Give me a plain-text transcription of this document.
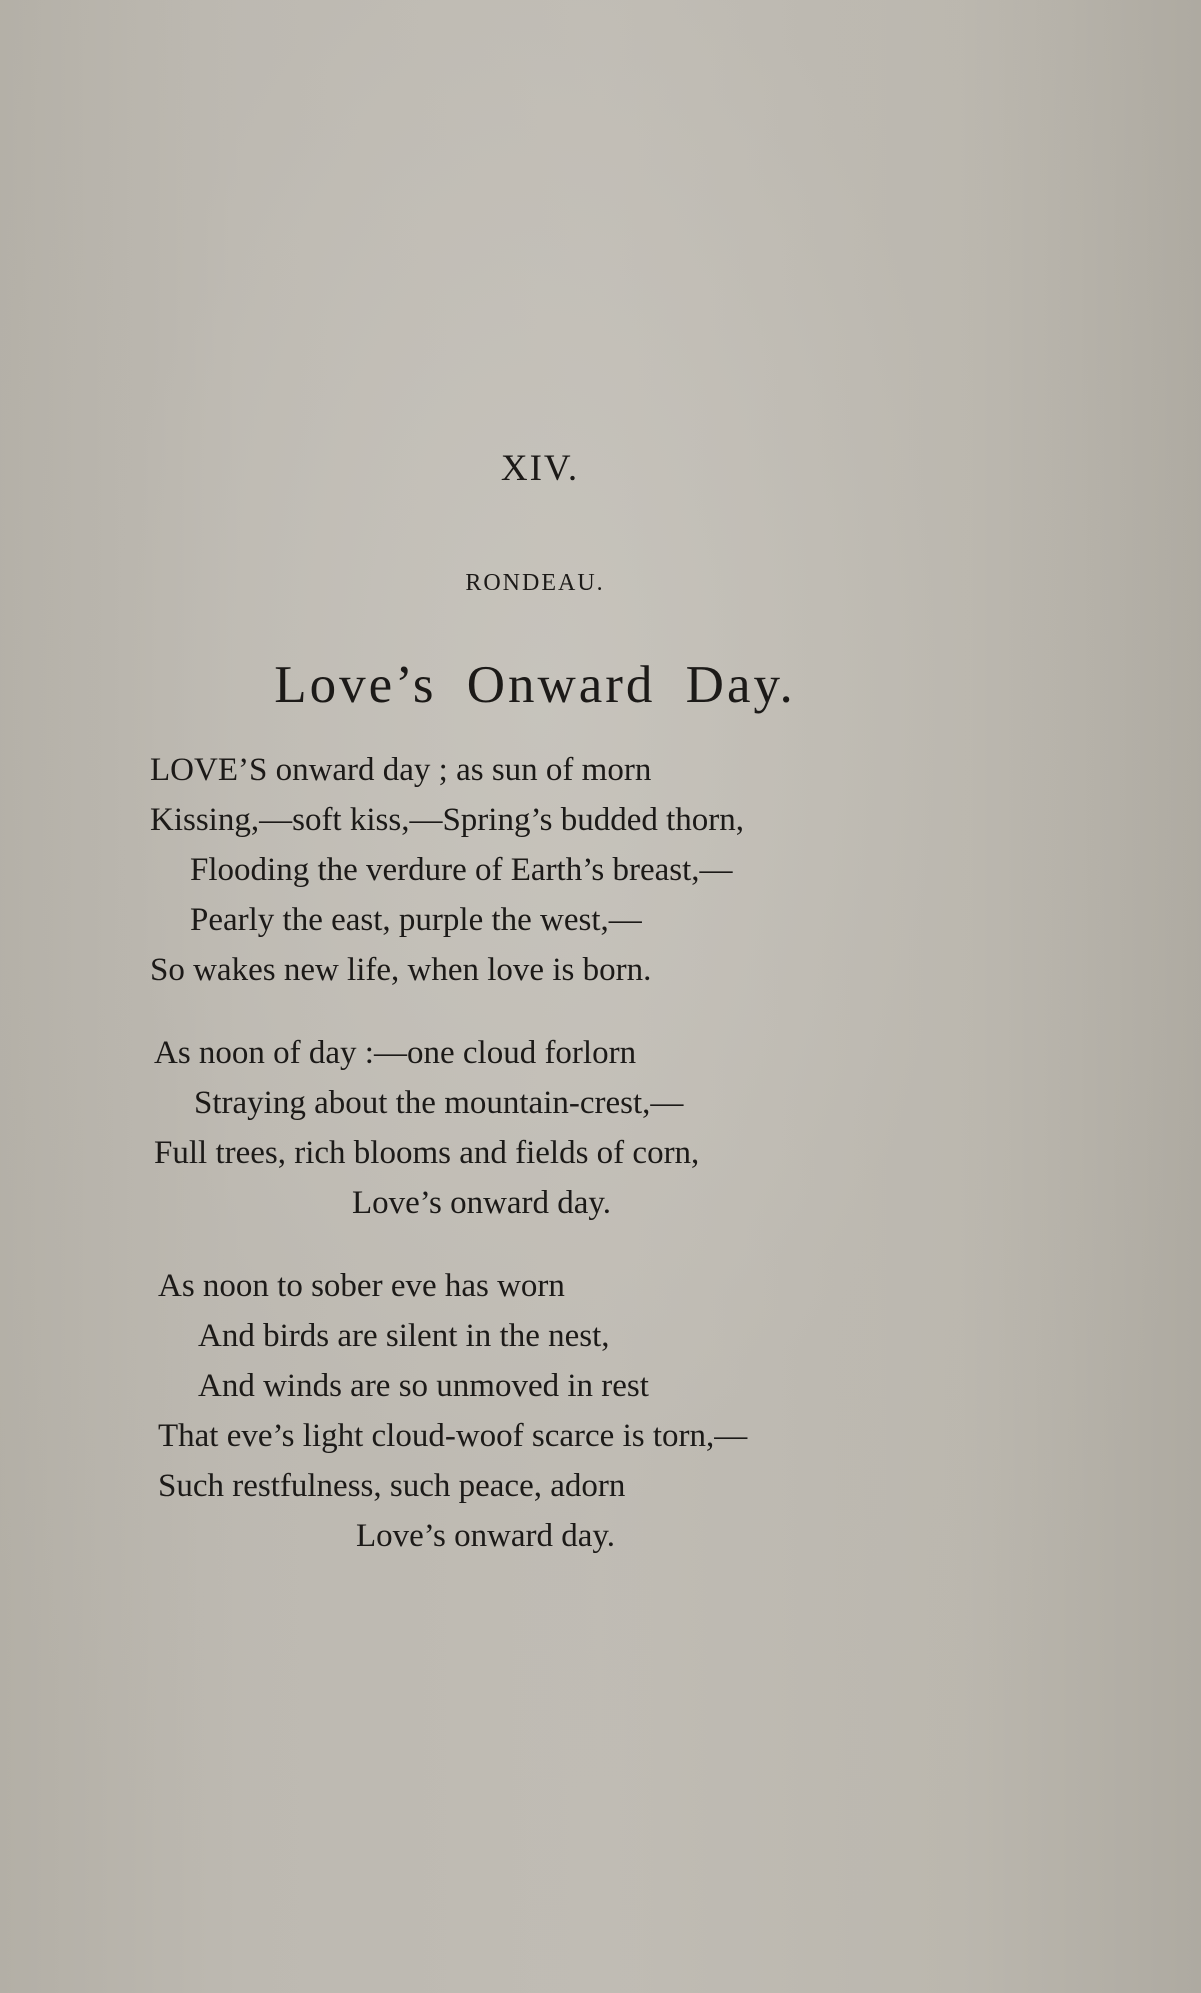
XIV.
RONDEAU.
Love’s Onward Day.
LOVE’S onward day ; as sun of morn
Kissing,—soft kiss,—Spring’s budded thorn,
Flooding the verdure of Earth’s breast,—
Pearly the east, purple the west,—
So wakes new life, when love is born.
As noon of day :—one cloud forlorn
Straying about the mountain-crest,—
Full trees, rich blooms and fields of corn,
Love’s onward day.
As noon to sober eve has worn
And birds are silent in the nest,
And winds are so unmoved in rest
That eve’s light cloud-woof scarce is torn,—
Such restfulness, such peace, adorn
Love’s onward day.
